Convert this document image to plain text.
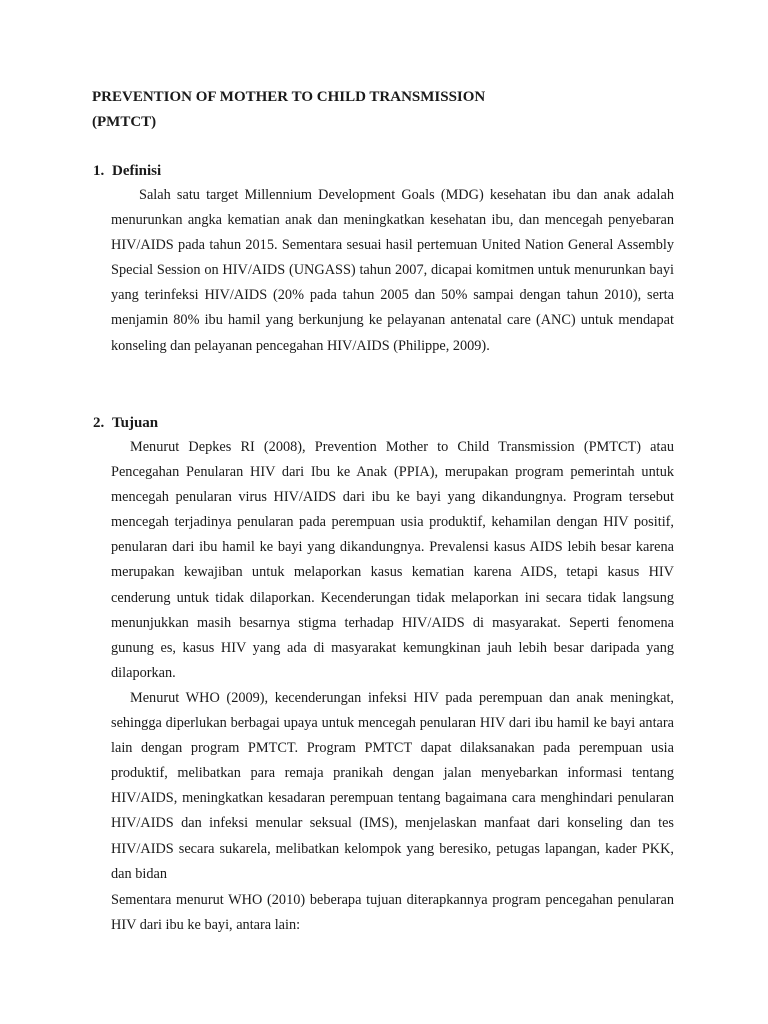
PREVENTION OF MOTHER TO CHILD TRANSMISSION
(PMTCT)
1. Definisi

Salah satu target Millennium Development Goals (MDG) kesehatan ibu dan anak adalah menurunkan angka kematian anak dan meningkatkan kesehatan ibu, dan mencegah penyebaran HIV/AIDS pada tahun 2015. Sementara sesuai hasil pertemuan United Nation General Assembly Special Session on HIV/AIDS (UNGASS) tahun 2007, dicapai komitmen untuk menurunkan bayi yang terinfeksi HIV/AIDS (20% pada tahun 2005 dan 50% sampai dengan tahun 2010), serta menjamin 80% ibu hamil yang berkunjung ke pelayanan antenatal care (ANC) untuk mendapat konseling dan pelayanan pencegahan HIV/AIDS (Philippe, 2009).

2. Tujuan

Menurut Depkes RI (2008), Prevention Mother to Child Transmission (PMTCT) atau Pencegahan Penularan HIV dari Ibu ke Anak (PPIA), merupakan program pemerintah untuk mencegah penularan virus HIV/AIDS dari ibu ke bayi yang dikandungnya. Program tersebut mencegah terjadinya penularan pada perempuan usia produktif, kehamilan dengan HIV positif, penularan dari ibu hamil ke bayi yang dikandungnya. Prevalensi kasus AIDS lebih besar karena merupakan kewajiban untuk melaporkan kasus kematian karena AIDS, tetapi kasus HIV cenderung untuk tidak dilaporkan. Kecenderungan tidak melaporkan ini secara tidak langsung menunjukkan masih besarnya stigma terhadap HIV/AIDS di masyarakat. Seperti fenomena gunung es, kasus HIV yang ada di masyarakat kemungkinan jauh lebih besar daripada yang dilaporkan.

Menurut WHO (2009), kecenderungan infeksi HIV pada perempuan dan anak meningkat, sehingga diperlukan berbagai upaya untuk mencegah penularan HIV dari ibu hamil ke bayi antara lain dengan program PMTCT. Program PMTCT dapat dilaksanakan pada perempuan usia produktif, melibatkan para remaja pranikah dengan jalan menyebarkan informasi tentang HIV/AIDS, meningkatkan kesadaran perempuan tentang bagaimana cara menghindari penularan HIV/AIDS dan infeksi menular seksual (IMS), menjelaskan manfaat dari konseling dan tes HIV/AIDS secara sukarela, melibatkan kelompok yang beresiko, petugas lapangan, kader PKK, dan bidan

Sementara menurut WHO (2010) beberapa tujuan diterapkannya program pencegahan penularan HIV dari ibu ke bayi, antara lain:
